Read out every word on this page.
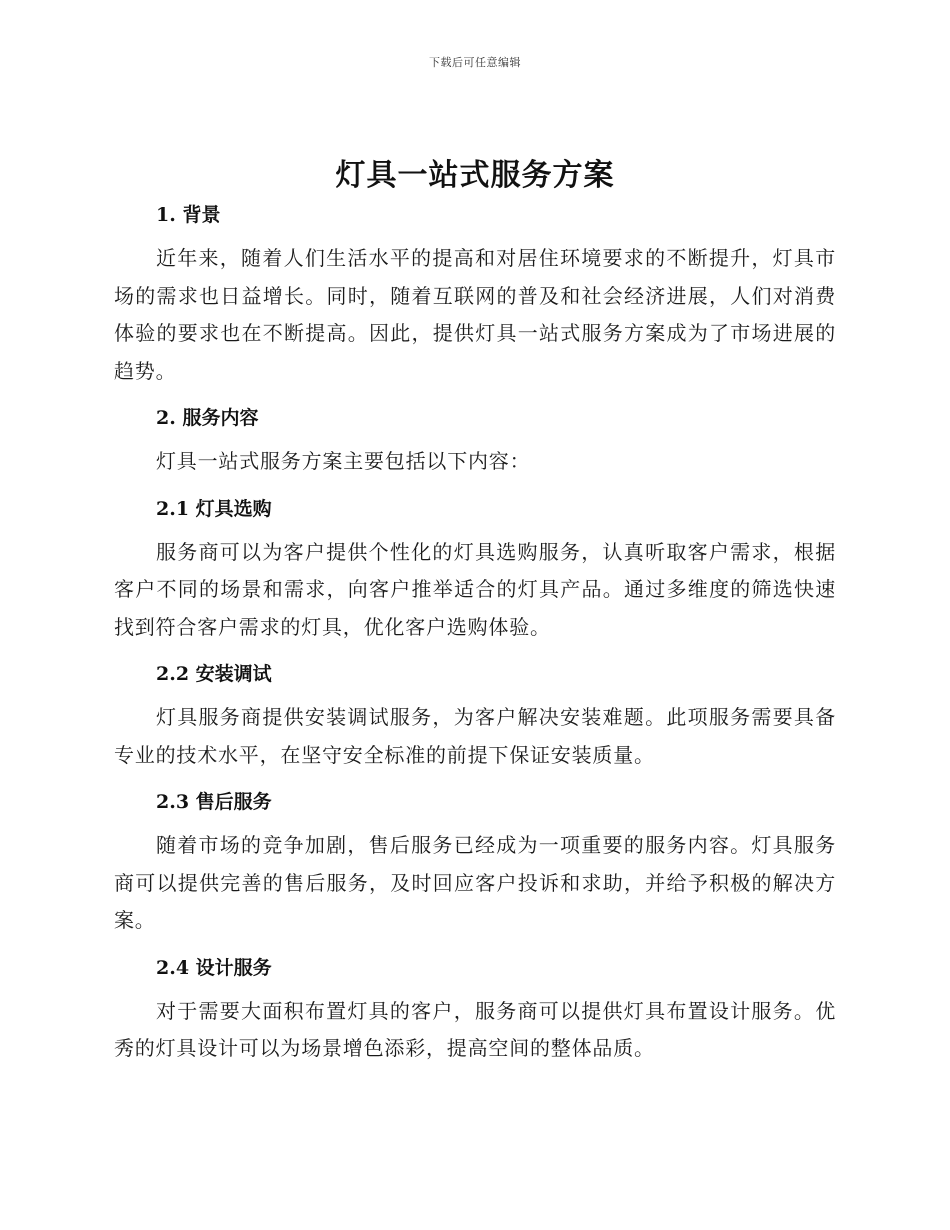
下载后可任意编辑
灯具一站式服务方案
1. 背景

近年来，随着人们生活水平的提高和对居住环境要求的不断提升，灯具市场的需求也日益增长。同时，随着互联网的普及和社会经济进展，人们对消费体验的要求也在不断提高。因此，提供灯具一站式服务方案成为了市场进展的趋势。

2. 服务内容

灯具一站式服务方案主要包括以下内容：

2.1 灯具选购

服务商可以为客户提供个性化的灯具选购服务，认真听取客户需求，根据客户不同的场景和需求，向客户推举适合的灯具产品。通过多维度的筛选快速找到符合客户需求的灯具，优化客户选购体验。

2.2 安装调试

灯具服务商提供安装调试服务，为客户解决安装难题。此项服务需要具备专业的技术水平，在坚守安全标准的前提下保证安装质量。

2.3 售后服务

随着市场的竞争加剧，售后服务已经成为一项重要的服务内容。灯具服务商可以提供完善的售后服务，及时回应客户投诉和求助，并给予积极的解决方案。

2.4 设计服务

对于需要大面积布置灯具的客户，服务商可以提供灯具布置设计服务。优秀的灯具设计可以为场景增色添彩，提高空间的整体品质。
